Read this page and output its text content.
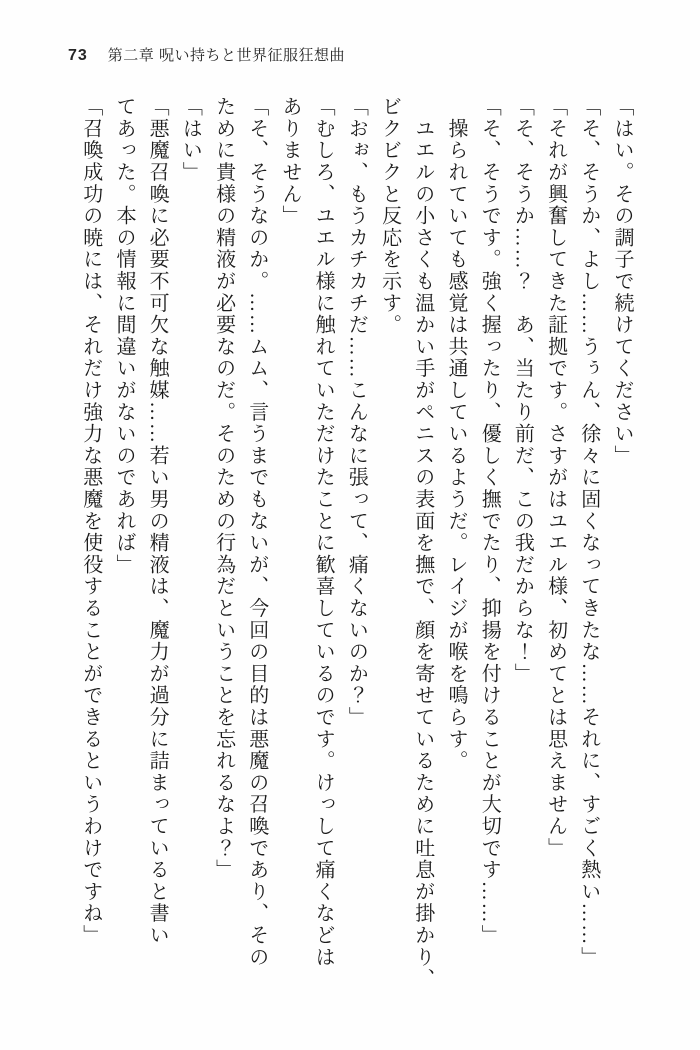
73 第二章 呪い持ちと世界征服狂想曲
「はい。その調子で続けてください」
「そ、そうか、よし……うぅん、徐々に固くなってきたな……それに、すごく熱い……」
「それが興奮してきた証拠です。さすがはユエル様、初めてとは思えません」
「そ、そうか……？　あ、当たり前だ、この我だからな！」
「そ、そうです。強く握ったり、優しく撫でたり、抑揚を付けることが大切です……」
　操られていても感覚は共通しているようだ。レイジが喉を鳴らす。
　ユエルの小さくも温かい手がペニスの表面を撫で、顔を寄せているために吐息が掛かり、
ビクビクと反応を示す。
「おぉ、もうカチカチだ……こんなに張って、痛くないのか？」
「むしろ、ユエル様に触れていただけたことに歓喜しているのです。けっして痛くなどは
ありません」
「そ、そうなのか。……ムム、言うまでもないが、今回の目的は悪魔の召喚であり、その
ために貴様の精液が必要なのだ。そのための行為だということを忘れるなよ？」
「はい」
「悪魔召喚に必要不可欠な触媒……若い男の精液は、魔力が過分に詰まっていると書い
てあった。本の情報に間違いがないのであれば」
「召喚成功の暁には、それだけ強力な悪魔を使役することができるというわけですね」
